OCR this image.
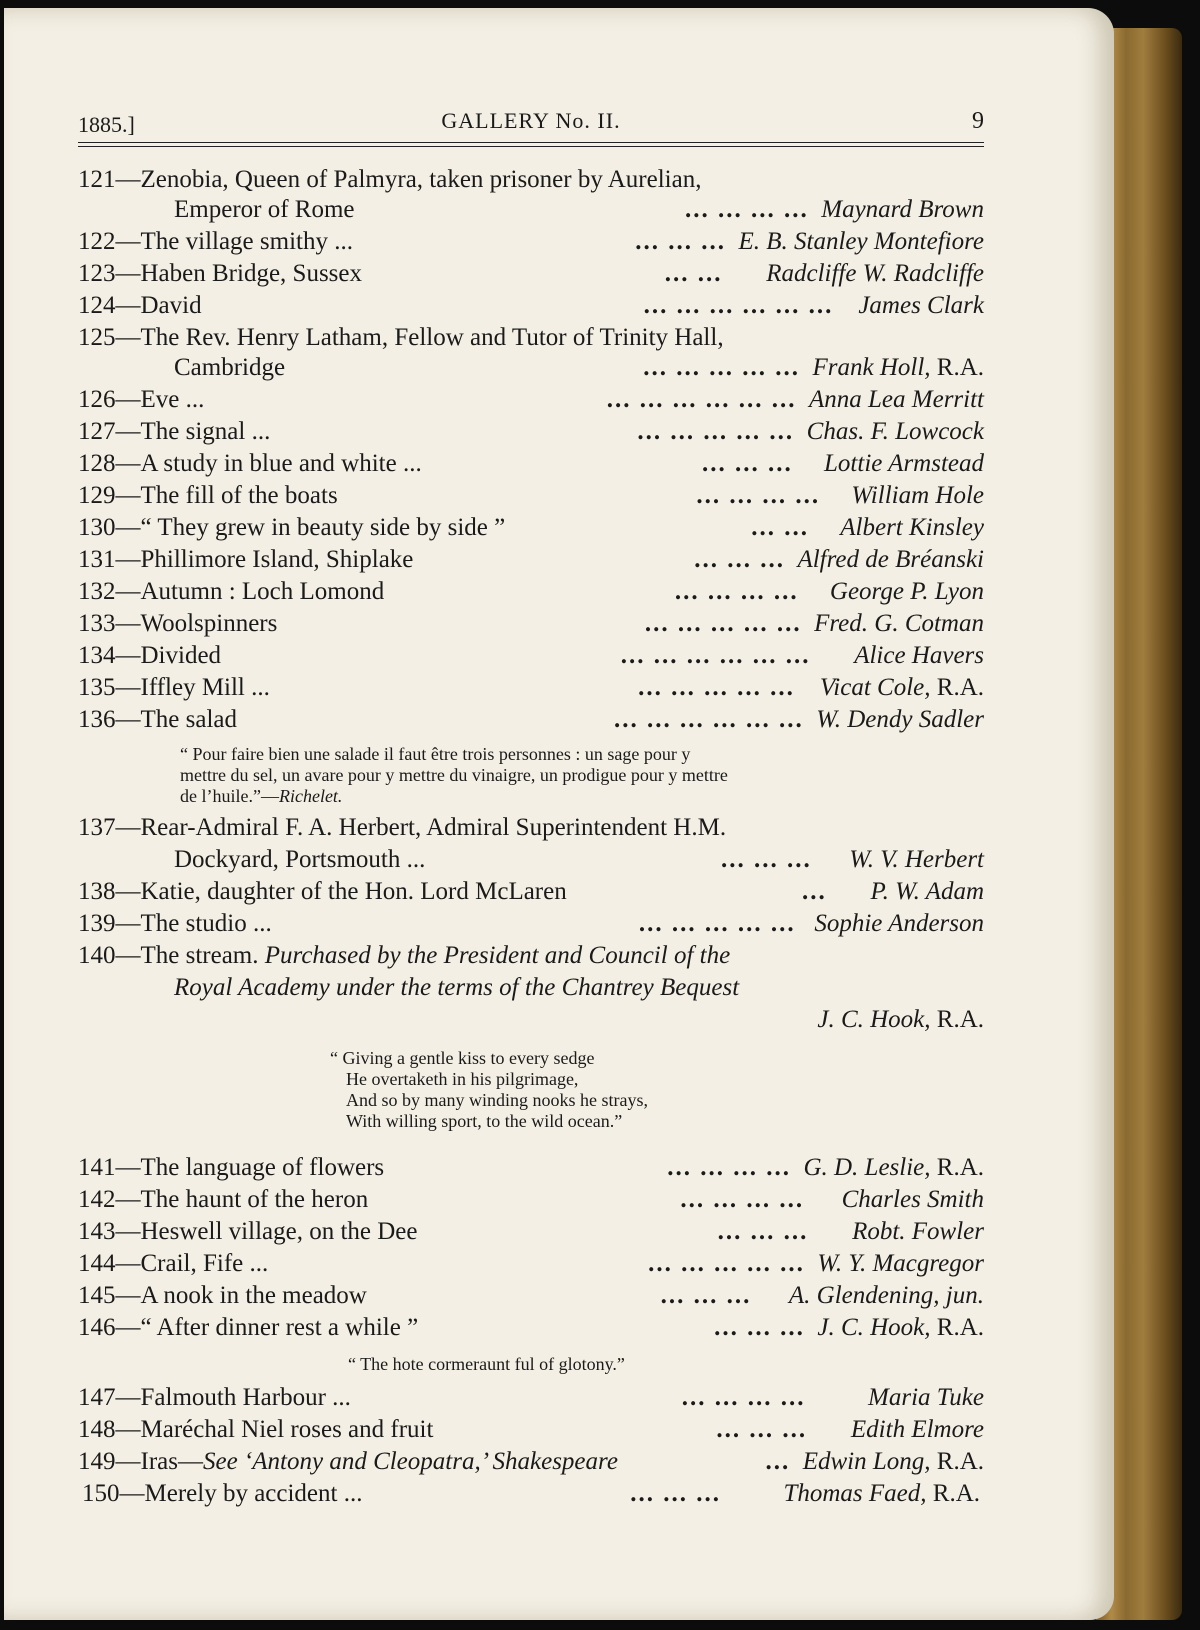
1885.]	GALLERY No. II.	9
121—Zenobia, Queen of Palmyra, taken prisoner by Aurelian,
Emperor of Rome	... ... ... ... Maynard Brown
122—The village smithy ...	... ... ... E. B. Stanley Montefiore
123—Haben Bridge, Sussex	... ... Radcliffe W. Radcliffe
124—David	... ... ... ... ... ... James Clark
125—The Rev. Henry Latham, Fellow and Tutor of Trinity Hall,
Cambridge	... ... ... ... ... Frank Holl, R.A.
126—Eve ...	... ... ... ... ... ... Anna Lea Merritt
127—The signal ...	... ... ... ... ... Chas. F. Lowcock
128—A study in blue and white ...	... ... ... Lottie Armstead
129—The fill of the boats	... ... ... ... William Hole
130—“ They grew in beauty side by side ”	... ... Albert Kinsley
131—Phillimore Island, Shiplake	... ... ... Alfred de Bréanski
132—Autumn : Loch Lomond	... ... ... ... George P. Lyon
133—Woolspinners	... ... ... ... ... Fred. G. Cotman
134—Divided	... ... ... ... ... ... Alice Havers
135—Iffley Mill ...	... ... ... ... ... Vicat Cole, R.A.
136—The salad	... ... ... ... ... ... W. Dendy Sadler
“ Pour faire bien une salade il faut être trois personnes : un sage pour y
mettre du sel, un avare pour y mettre du vinaigre, un prodigue pour y mettre
de l’huile.”—Richelet.
137—Rear-Admiral F. A. Herbert, Admiral Superintendent H.M.
Dockyard, Portsmouth ...	... ... ... W. V. Herbert
138—Katie, daughter of the Hon. Lord McLaren	... P. W. Adam
139—The studio ...	... ... ... ... ... Sophie Anderson
140—The stream. Purchased by the President and Council of the
Royal Academy under the terms of the Chantrey Bequest
J. C. Hook, R.A.
“ Giving a gentle kiss to every sedge
He overtaketh in his pilgrimage,
And so by many winding nooks he strays,
With willing sport, to the wild ocean.”
141—The language of flowers	... ... ... ... G. D. Leslie, R.A.
142—The haunt of the heron	... ... ... ... Charles Smith
143—Heswell village, on the Dee	... ... ... Robt. Fowler
144—Crail, Fife ...	... ... ... ... ... W. Y. Macgregor
145—A nook in the meadow	... ... ... A. Glendening, jun.
146—“ After dinner rest a while ”	... ... ... J. C. Hook, R.A.
“ The hote cormeraunt ful of glotony.”
147—Falmouth Harbour ...	... ... ... ...	Maria Tuke
148—Maréchal Niel roses and fruit	... ... ... Edith Elmore
149—Iras—See ‘Antony and Cleopatra,’ Shakespeare	... Edwin Long, R.A.
150—Merely by accident ...	... ... ...	Thomas Faed, R.A.
